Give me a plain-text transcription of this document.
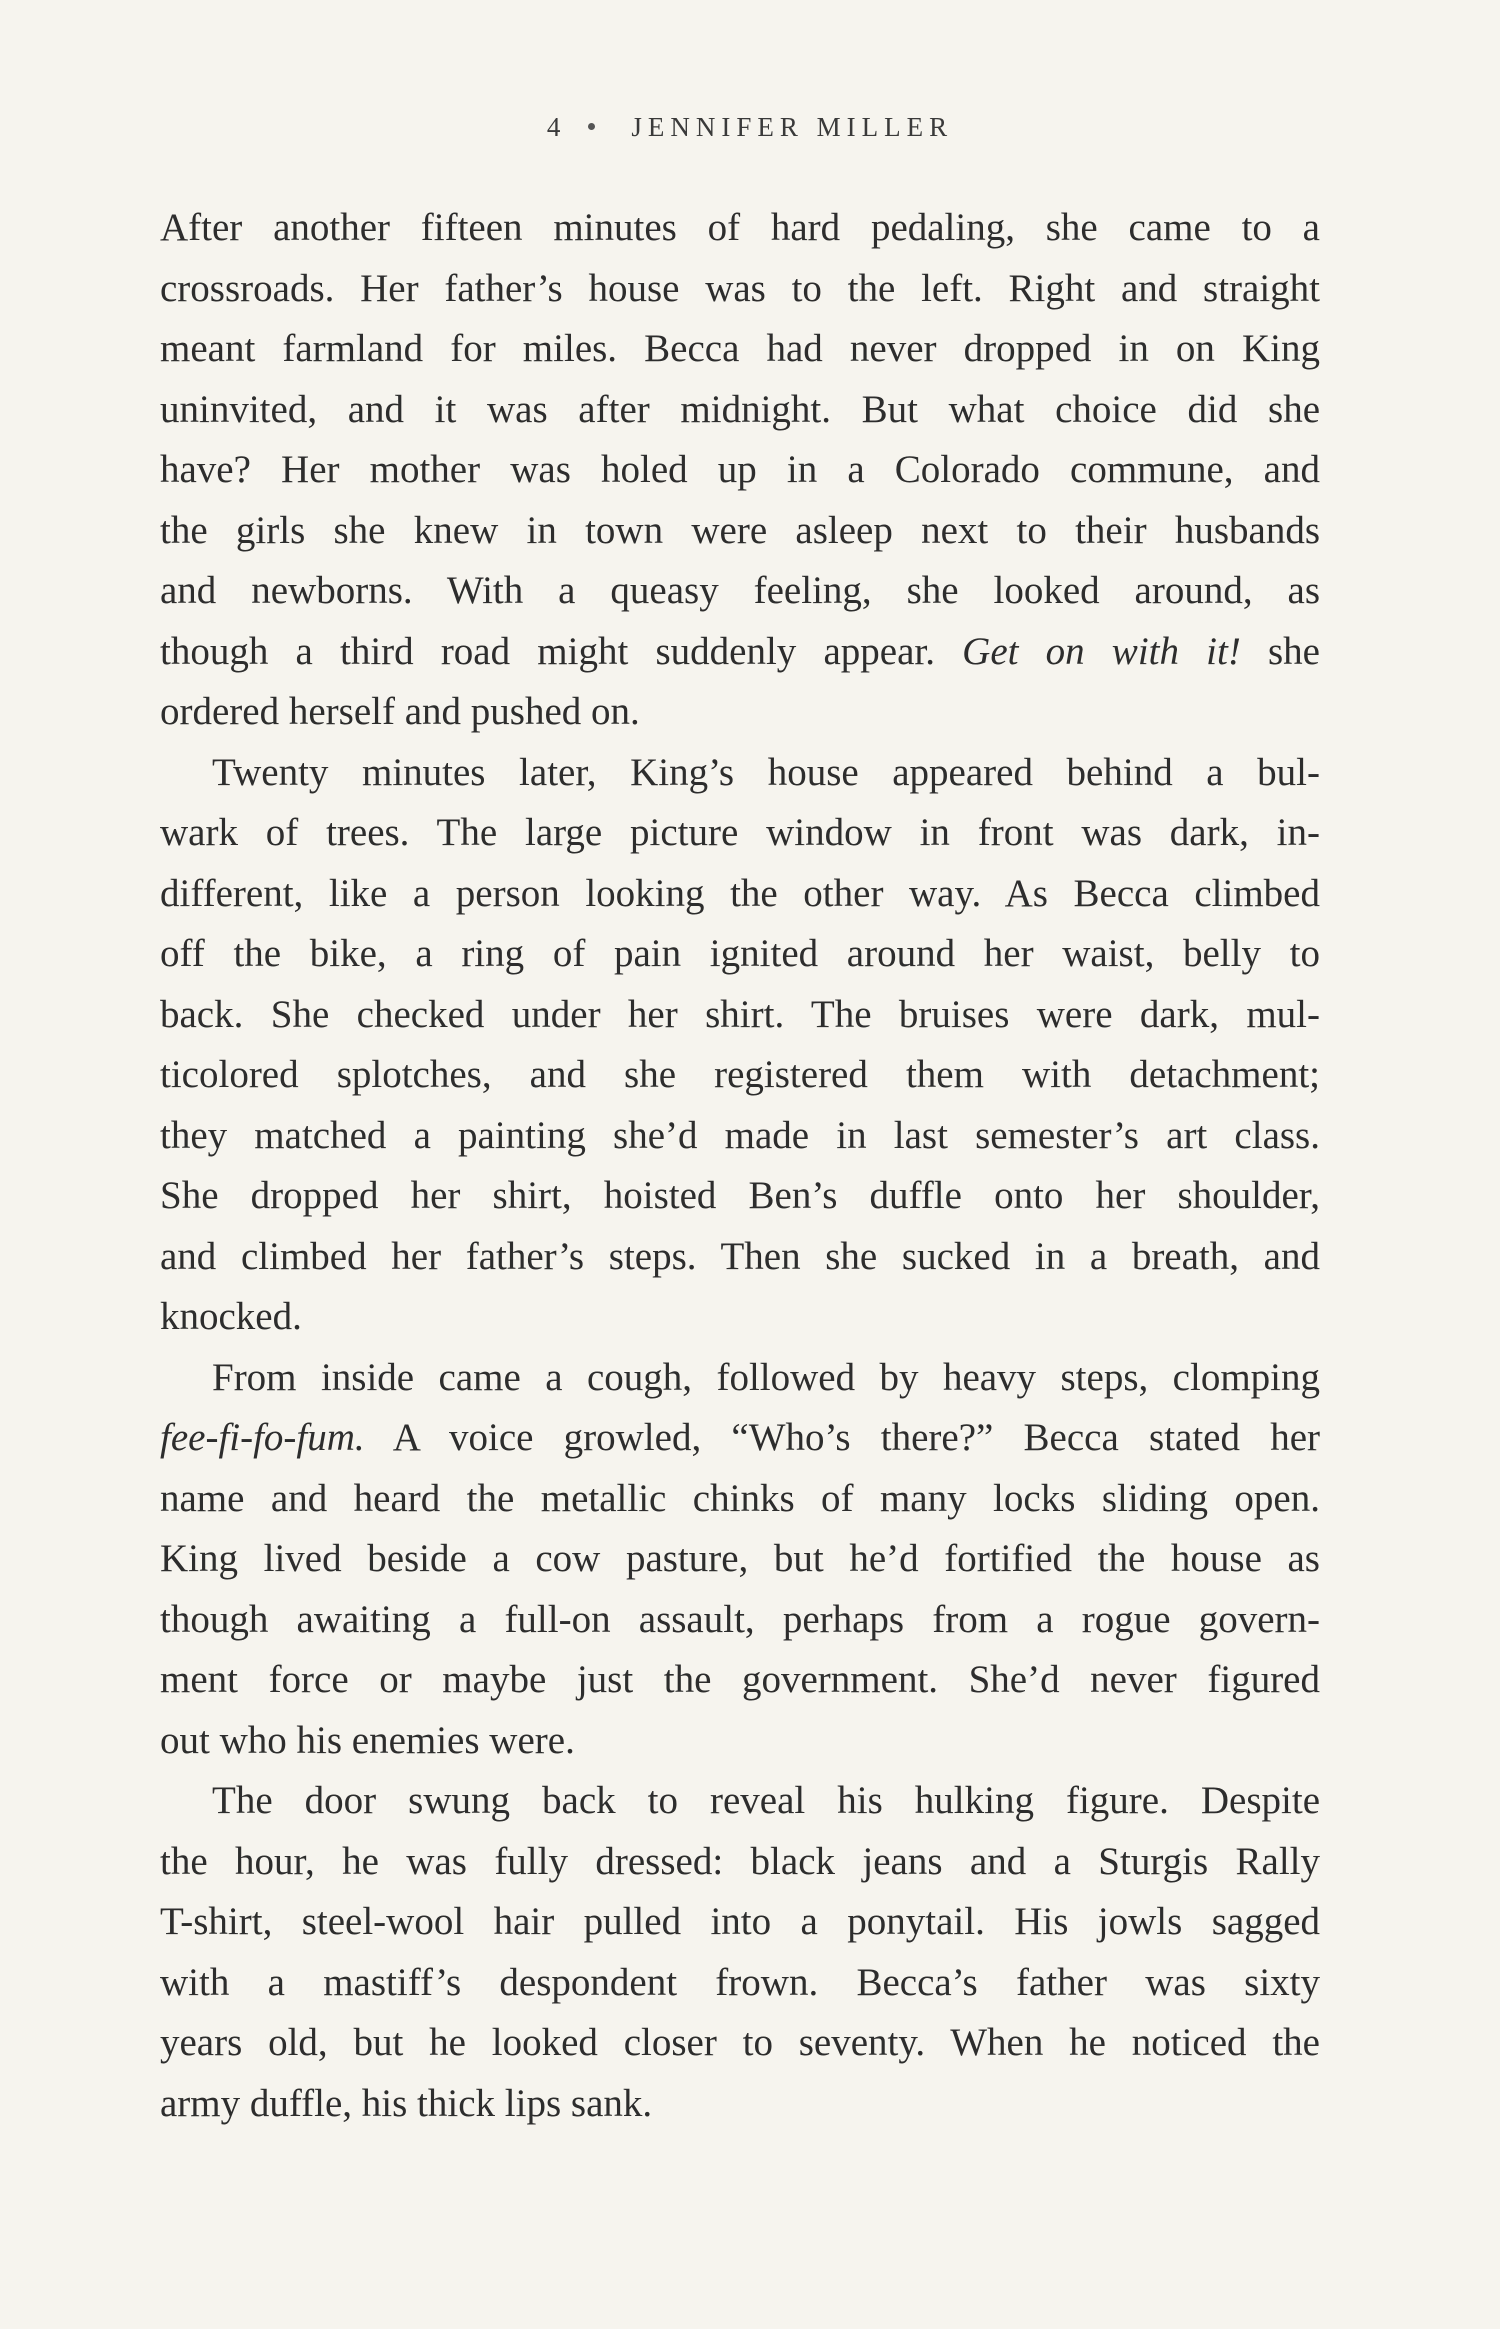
4	JENNIFER MILLER

After another fifteen minutes of hard pedaling, she came to a
crossroads. Her father’s house was to the left. Right and straight
meant farmland for miles. Becca had never dropped in on King
uninvited, and it was after midnight. But what choice did she
have? Her mother was holed up in a Colorado commune, and
the girls she knew in town were asleep next to their husbands
and newborns. With a queasy feeling, she looked around, as
though a third road might suddenly appear. Get on with it! she
ordered herself and pushed on.

Twenty minutes later, King’s house appeared behind a bul-
wark of trees. The large picture window in front was dark, in-
different, like a person looking the other way. As Becca climbed
off the bike, a ring of pain ignited around her waist, belly to
back. She checked under her shirt. The bruises were dark, mul-
ticolored splotches, and she registered them with detachment;
they matched a painting she’d made in last semester’s art class.
She dropped her shirt, hoisted Ben’s duffle onto her shoulder,
and climbed her father’s steps. Then she sucked in a breath, and
knocked.

From inside came a cough, followed by heavy steps, clomping
fee-fi-fo-fum. A voice growled, “Who’s there?” Becca stated her
name and heard the metallic chinks of many locks sliding open.
King lived beside a cow pasture, but he’d fortified the house as
though awaiting a full-on assault, perhaps from a rogue govern-
ment force or maybe just the government. She’d never figured
out who his enemies were.

The door swung back to reveal his hulking figure. Despite
the hour, he was fully dressed: black jeans and a Sturgis Rally
T-shirt, steel-wool hair pulled into a ponytail. His jowls sagged
with a mastiff’s despondent frown. Becca’s father was sixty
years old, but he looked closer to seventy. When he noticed the
army duffle, his thick lips sank.
